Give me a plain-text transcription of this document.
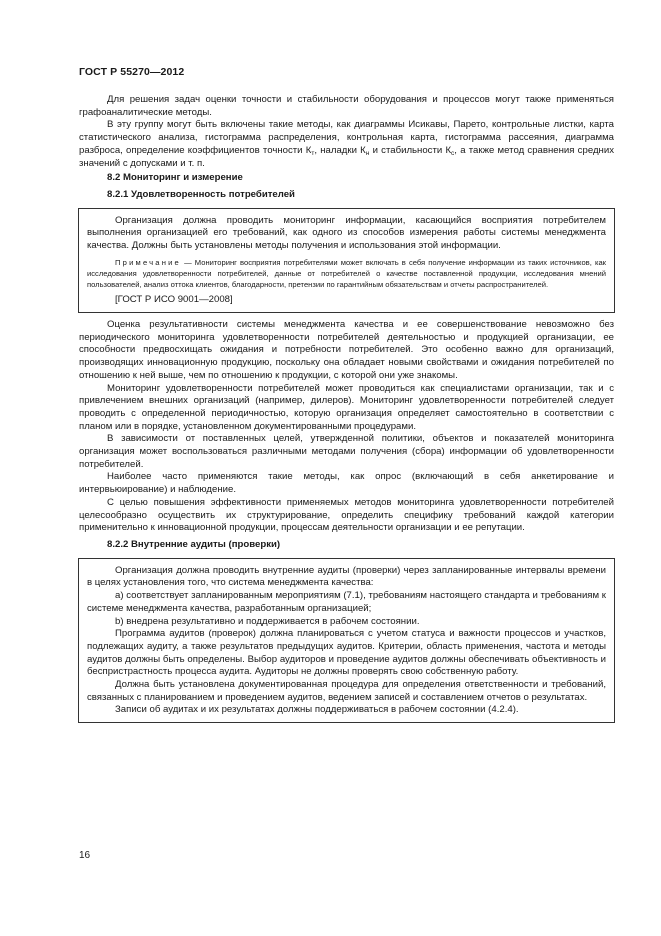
ГОСТ Р 55270—2012

Для решения задач оценки точности и стабильности оборудования и процессов могут также применяться графоаналитические методы.

В эту группу могут быть включены такие методы, как диаграммы Исикавы, Парето, контрольные листки, карта статистического анализа, гистограмма распределения, контрольная карта, гистограмма рассеяния, диаграмма разброса, определение коэффициентов точности $К_т$, наладки $К_н$ и стабильности $К_с$, а также метод сравнения средних значений с допусками и т. п.

8.2 Мониторинг и измерение

8.2.1 Удовлетворенность потребителей

Организация должна проводить мониторинг информации, касающийся восприятия потребителем выполнения организацией его требований, как одного из способов измерения работы системы менеджмента качества. Должны быть установлены методы получения и использования этой информации.

Примечание — Мониторинг восприятия потребителями может включать в себя получение информации из таких источников, как исследования удовлетворенности потребителей, данные от потребителей о качестве поставленной продукции, исследования мнений пользователей, анализ оттока клиентов, благодарности, претензии по гарантийным обязательствам и отчеты распространителей.

[ГОСТ Р ИСО 9001—2008]

Оценка результативности системы менеджмента качества и ее совершенствование невозможно без периодического мониторинга удовлетворенности потребителей деятельностью и продукцией организации, ее способности предвосхищать ожидания и потребности потребителей. Это особенно важно для организаций, производящих инновационную продукцию, поскольку она обладает новыми свойствами и ожидания потребителей по отношению к ней выше, чем по отношению к продукции, с которой они уже знакомы.

Мониторинг удовлетворенности потребителей может проводиться как специалистами организации, так и с привлечением внешних организаций (например, дилеров). Мониторинг удовлетворенности потребителей следует проводить с определенной периодичностью, которую организация определяет самостоятельно в соответствии с планом или в порядке, установленном документированными процедурами.

В зависимости от поставленных целей, утвержденной политики, объектов и показателей мониторинга организация может воспользоваться различными методами получения (сбора) информации об удовлетворенности потребителей.

Наиболее часто применяются такие методы, как опрос (включающий в себя анкетирование и интервьюирование) и наблюдение.

С целью повышения эффективности применяемых методов мониторинга удовлетворенности потребителей целесообразно осуществить их структурирование, определить специфику требований каждой категории применительно к инновационной продукции, процессам деятельности организации и ее репутации.

8.2.2 Внутренние аудиты (проверки)

Организация должна проводить внутренние аудиты (проверки) через запланированные интервалы времени в целях установления того, что система менеджмента качества:

a) соответствует запланированным мероприятиям (7.1), требованиям настоящего стандарта и требованиям к системе менеджмента качества, разработанным организацией;

b) внедрена результативно и поддерживается в рабочем состоянии.

Программа аудитов (проверок) должна планироваться с учетом статуса и важности процессов и участков, подлежащих аудиту, а также результатов предыдущих аудитов. Критерии, область применения, частота и методы аудитов должны быть определены. Выбор аудиторов и проведение аудитов должны обеспечивать объективность и беспристрастность процесса аудита. Аудиторы не должны проверять свою собственную работу.

Должна быть установлена документированная процедура для определения ответственности и требований, связанных с планированием и проведением аудитов, ведением записей и составлением отчетов о результатах.

Записи об аудитах и их результатах должны поддерживаться в рабочем состоянии (4.2.4).

16
